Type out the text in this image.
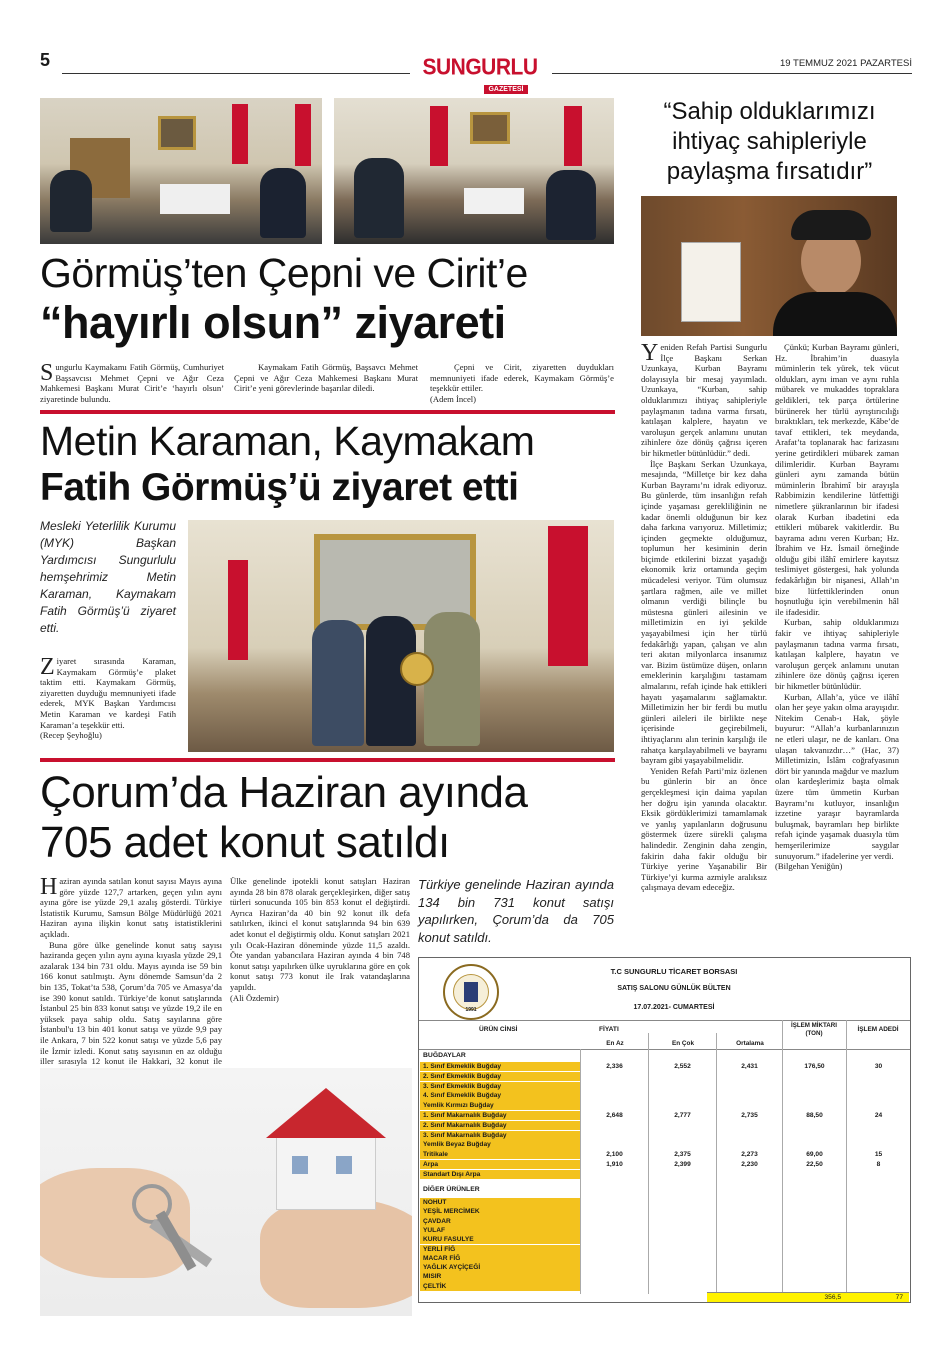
5	SUNGURLU
GAZETESİ
19 TEMMUZ 2021 PAZARTESİ
Görmüş’ten Çepni ve Cirit’e
“hayırlı olsun” ziyareti
Sungurlu Kaymakamı Fatih Görmüş, Cumhuriyet Başsavcısı Mehmet Çepni ve Ağır Ceza Mahkemesi Başkanı Murat Cirit’e ‘hayırlı olsun’ ziyaretinde bulundu.
Kaymakam Fatih Görmüş, Başsavcı Mehmet Çepni ve Ağır Ceza Mahkemesi Başkanı Murat Cirit’e yeni görevlerinde başarılar diledi.

Çepni ve Cirit, ziyaretten duydukları memnuniyeti ifade ederek, Kaymakam Görmüş’e teşekkür ettiler.

(Adem İncel)

Metin Karaman, Kaymakam
Fatih Görmüş’ü ziyaret etti
Mesleki Yeterlilik Kurumu (MYK) Başkan Yardımcısı Sungurlulu hemşehrimiz Metin Karaman, Kaymakam Fatih Görmüş’ü ziyaret etti.

Ziyaret sırasında Karaman, Kaymakam Görmüş’e plaket taktim etti. Kaymakam Görmüş, ziyaretten duyduğu memnuniyeti ifade ederek, MYK Başkan Yardımcısı Metin Karaman ve kardeşi Fatih Karaman’a teşekkür etti.

(Recep Şeyhoğlu)

Çorum’da Haziran ayında
705 adet konut satıldı

Haziran ayında satılan konut sayısı Mayıs ayına göre yüzde 127,7 artarken, geçen yılın aynı ayına göre ise yüzde 29,1 azalış gösterdi. Türkiye İstatistik Kurumu, Samsun Bölge Müdürlüğü 2021 Haziran ayına ilişkin konut satış istatistiklerini açıkladı.

Buna göre ülke genelinde konut satış sayısı haziranda geçen yılın aynı ayına kıyasla yüzde 29,1 azalarak 134 bin 731 oldu. Mayıs ayında ise 59 bin 166 konut satılmıştı. Aynı dönemde Samsun’da 2 bin 135, Tokat’ta 538, Çorum’da 705 ve Amasya’da ise 390 konut satıldı. Türkiye’de konut satışlarında İstanbul 25 bin 833 konut satışı ve yüzde 19,2 ile en yüksek paya sahip oldu. Satış sayılarına göre İstanbul'u 13 bin 401 konut satışı ve yüzde 9,9 pay ile Ankara, 7 bin 522 konut satışı ve yüzde 5,6 pay ile İzmir izledi. Konut satış sayısının en az olduğu iller sırasıyla 12 konut ile Hakkari, 32 konut ile

Ülke genelinde ipotekli konut satışları Haziran ayında 28 bin 878 olarak gerçekleşirken, diğer satış türleri sonucunda 105 bin 853 konut el değiştirdi. Ayrıca Haziran’da 40 bin 92 konut ilk defa satılırken, ikinci el konut satışlarında 94 bin 639 adet konut el değiştirmiş oldu. Konut satışları 2021 yılı Ocak-Haziran döneminde yüzde 11,5 azaldı. Öte yandan yabancılara Haziran ayında 4 bin 748 konut satışı yapılırken ülke uyruklarına göre en çok konut satışı 773 konut ile Irak vatandaşlarına yapıldı.

(Ali Özdemir)

Türkiye genelinde Haziran ayında 134 bin 731 konut satışı yapılırken, Çorum’da da 705 konut satıldı.
“Sahip olduklarımızı ihtiyaç sahipleriyle paylaşma fırsatıdır”

Yeniden Refah Partisi Sungurlu İlçe Başkanı Serkan Uzunkaya, Kurban Bayramı dolayısıyla bir mesaj yayımladı. Uzunkaya, “Kurban, sahip olduklarımızı ihtiyaç sahipleriyle paylaşmanın tadına varma fırsatı, katılaşan kalplere, hayatın ve varoluşun gerçek anlamını unutan zihinlere öze dönüş çağrısı içeren bir hikmetler bütünlüdür.” dedi.

İlçe Başkanı Serkan Uzunkaya, mesajında, “Milletçe bir kez daha Kurban Bayramı’nı idrak ediyoruz. Bu günlerde, tüm insanlığın refah içinde yaşaması gerekliliğinin ne kadar önemli olduğunun bir kez daha farkına varıyoruz. Milletimiz; içinden geçmekte olduğumuz, toplumun her kesiminin derin biçimde etkilerini bizzat yaşadığı ekonomik kriz ortamında geçim mücadelesi veriyor. Tüm olumsuz şartlara rağmen, aile ve millet olmanın verdiği bilinçle bu müstesna günleri ailesinin ve milletimizin en iyi şekilde yaşayabilmesi için her türlü fedakârlığı yapan, çalışan ve alın teri akıtan milyonlarca insanımız var. Bizim üstümüze düşen, onların emeklerinin karşılığını tastamam almalarını, refah içinde hak ettikleri hayatı yaşamalarını sağlamaktır. Milletimizin her bir ferdi bu mutlu günleri aileleri ile birlikte neşe içerisinde geçirebilmeli, ihtiyaçlarını alın terinin karşılığı ile rahatça karşılayabilmeli ve bayramı bayram gibi yaşayabilmelidir.

Yeniden Refah Parti’miz özlenen bu günlerin bir an önce gerçekleşmesi için daima yapılan her doğru işin yanında olacaktır. Eksik gördüklerimizi tamamlamak ve yanlış yapılanların doğrusunu göstermek üzere sürekli çalışma halindedir. Zenginin daha zengin, fakirin daha fakir olduğu bir Türkiye yerine Yaşanabilir Bir Türkiye’yi kurma azmiyle aralıksız çalışmaya devam edeceğiz.

Çünkü; Kurban Bayramı günleri, Hz. İbrahim’in duasıyla müminlerin tek yürek, tek vücut oldukları, aynı iman ve aynı ruhla mübarek ve mukaddes topraklara geldikleri, tek parça örtülerine bürünerek her türlü ayrıştırıcılığı bıraktıkları, tek merkezde, Kâbe’de tavaf ettikleri, tek meydanda, Arafat’ta toplanarak hac farizasını yerine getirdikleri mübarek zaman dilimleridir. Kurban Bayramı günleri aynı zamanda bütün müminlerin İbrahimî bir arayışla Rabbimizin kendilerine lütfettiği nimetlere şükranlarının bir ifadesi olarak Kurban ibadetini eda ettikleri mübarek vakitlerdir. Bu bayrama adını veren Kurban; Hz. İbrahim ve Hz. İsmail örneğinde olduğu gibi ilâhî emirlere kayıtsız teslimiyet göstergesi, hak yolunda fedakârlığın bir nişanesi, Allah’ın bize lütfettiklerinden onun hoşnutluğu için verebilmenin hâl ile ifadesidir.

Kurban, sahip olduklarımızı fakir ve ihtiyaç sahipleriyle paylaşmanın tadına varma fırsatı, katılaşan kalplere, hayatın ve varoluşun gerçek anlamını unutan zihinlere öze dönüş çağrısı içeren bir hikmetler bütünlüdür.

Kurban, Allah’a, yüce ve ilâhî olan her şeye yakın olma arayışıdır. Nitekim Cenab-ı Hak, şöyle buyurur: “Allah’a kurbanlarınızın ne etleri ulaşır, ne de kanları. Ona ulaşan takvanızdır…” (Hac, 37) Milletimizin, İslâm coğrafyasının dört bir yanında mağdur ve mazlum olan kardeşlerimiz başta olmak üzere tüm ümmetin Kurban Bayramı’nı kutluyor, insanlığın izzetine yaraşır bayramlarda buluşmak, bayramları hep birlikte refah içinde yaşamak duasıyla tüm hemşerilerimize saygılar sunuyorum.” ifadelerine yer verdi.

(Bilgehan Yeniğün)

1991
T.C SUNGURLU TİCARET BORSASI
SATIŞ SALONU GÜNLÜK BÜLTEN
17.07.2021- CUMARTESİ
ÜRÜN CİNSİ	FİYATI
İŞLEM MİKTARI (TON)
İŞLEM ADEDİ
En Az	En Çok	Ortalama
BUĞDAYLAR
1. Sınıf Ekmeklik Buğday	2,336	2,552	2,431	176,50	30
2. Sınıf Ekmeklik Buğday
3. Sınıf Ekmeklik Buğday
4. Sınıf Ekmeklik Buğday
Yemlik Kırmızı Buğday
1. Sınıf Makarnalık Buğday	2,648	2,777	2,735	88,50	24
2. Sınıf Makarnalık Buğday
3. Sınıf Makarnalık Buğday
Yemlik Beyaz Buğday
Tritikale	2,100	2,375	2,273	69,00	15
Arpa	1,910	2,399	2,230	22,50	8
Standart Dışı Arpa
DİĞER ÜRÜNLER
NOHUT
YEŞİL MERCİMEK
ÇAVDAR
YULAF
KURU FASULYE
YERLİ FİĞ
MACAR FİĞ
YAĞLIK AYÇİÇEĞİ
MISIR
ÇELTİK
356,5	77
